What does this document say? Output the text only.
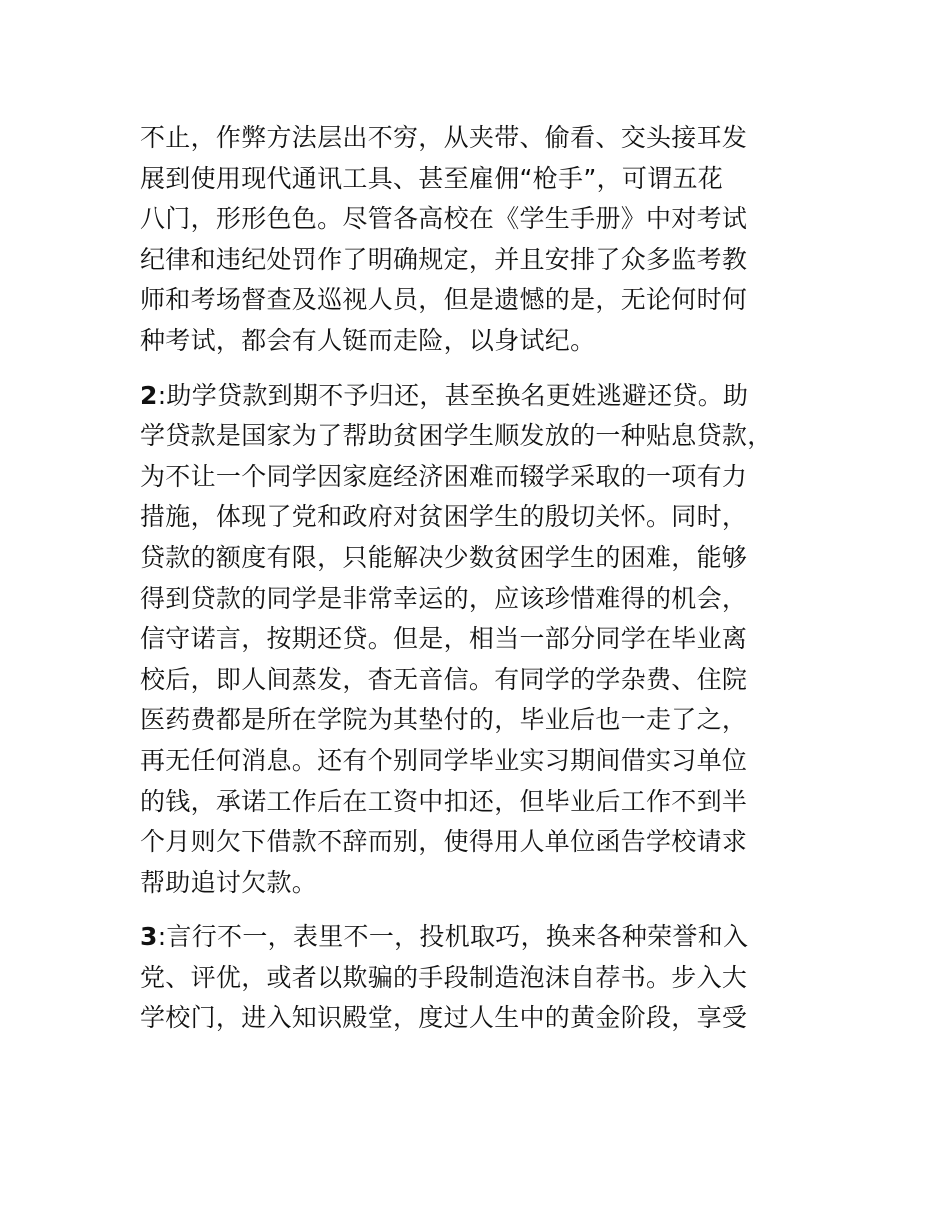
不止，作弊方法层出不穷，从夹带、偷看、交头接耳发
展到使用现代通讯工具、甚至雇佣“枪手”，可谓五花
八门，形形色色。尽管各高校在《学生手册》中对考试
纪律和违纪处罚作了明确规定，并且安排了众多监考教
师和考场督查及巡视人员，但是遗憾的是，无论何时何
种考试，都会有人铤而走险，以身试纪。
2:助学贷款到期不予归还，甚至换名更姓逃避还贷。助
学贷款是国家为了帮助贫困学生顺发放的一种贴息贷款，
为不让一个同学因家庭经济困难而辍学采取的一项有力
措施，体现了党和政府对贫困学生的殷切关怀。同时，
贷款的额度有限，只能解决少数贫困学生的困难，能够
得到贷款的同学是非常幸运的，应该珍惜难得的机会，
信守诺言，按期还贷。但是，相当一部分同学在毕业离
校后，即人间蒸发，杳无音信。有同学的学杂费、住院
医药费都是所在学院为其垫付的，毕业后也一走了之，
再无任何消息。还有个别同学毕业实习期间借实习单位
的钱，承诺工作后在工资中扣还，但毕业后工作不到半
个月则欠下借款不辞而别，使得用人单位函告学校请求
帮助追讨欠款。
3:言行不一，表里不一，投机取巧，换来各种荣誉和入
党、评优，或者以欺骗的手段制造泡沫自荐书。步入大
学校门，进入知识殿堂，度过人生中的黄金阶段，享受
